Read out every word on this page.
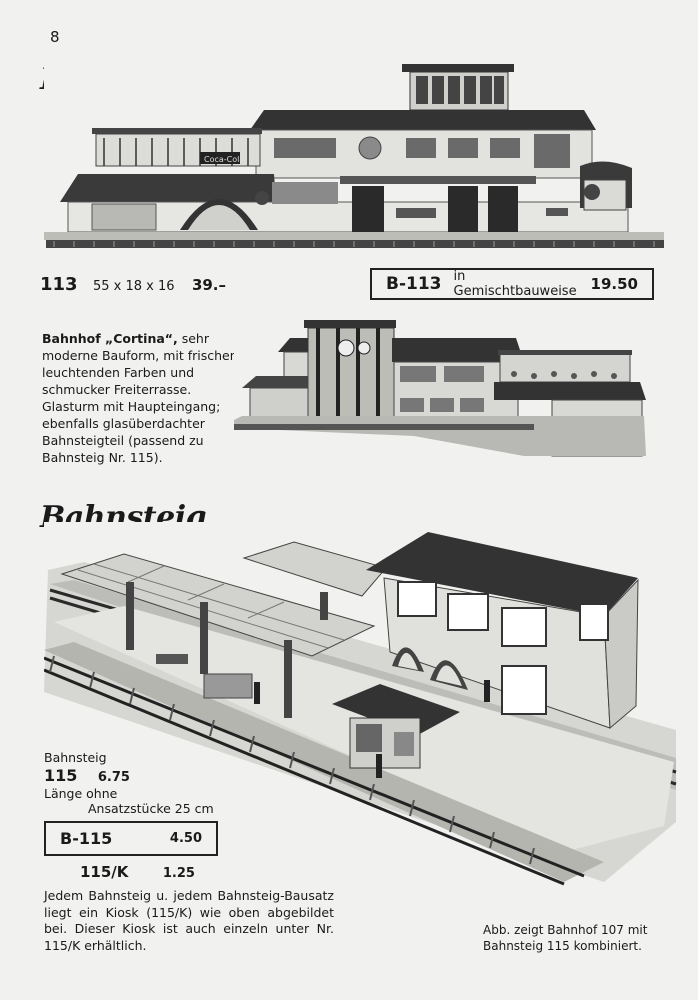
8
Bahnhof „Cortina“
Coca-Cola
113 55 x 18 x 16 39.–	B-113 in Gemischtbauweise 19.50
Bahnhof „Cortina“, sehr moderne Bauform, mit frischen leuchtenden Farben und schmucker Freiterrasse. Glasturm mit Haupteingang; ebenfalls glasüberdachter Bahnsteigteil (passend zu Bahnsteig Nr. 115).
Bahnsteig
Bahnsteig
115 6.75
Länge ohne
Ansatzstücke 25 cm
B-115	4.50
115/K	1.25
Jedem Bahnsteig u. jedem Bahnsteig-Bausatz liegt ein Kiosk (115/K) wie oben abgebildet bei. Dieser Kiosk ist auch einzeln unter Nr. 115/K erhältlich.
Abb. zeigt Bahnhof 107 mit Bahnsteig 115 kombiniert.
